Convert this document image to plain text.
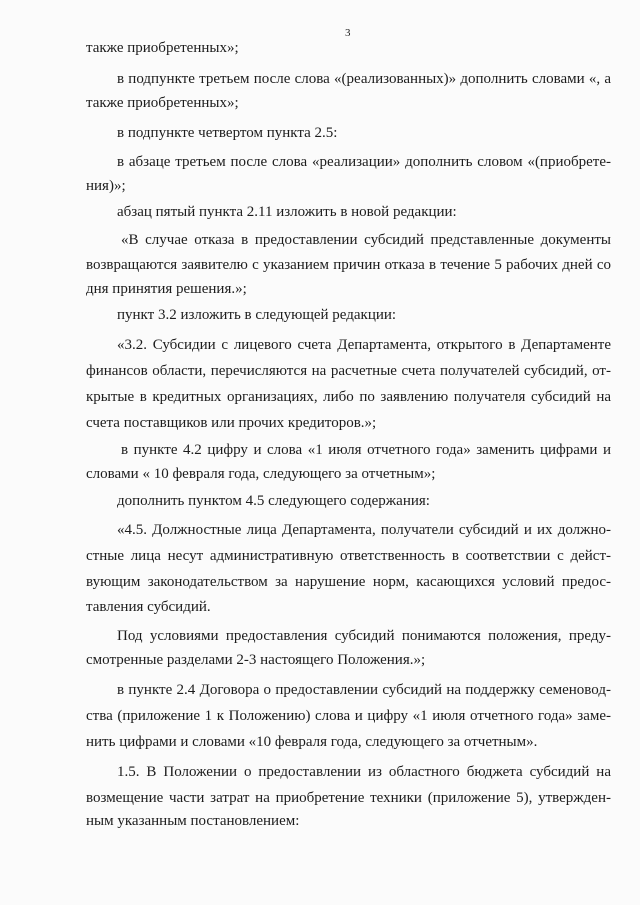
3
также приобретенных»;
в подпункте третьем после слова «(реализованных)» дополнить словами «, а
также приобретенных»;
в подпункте четвертом пункта 2.5:
в абзаце третьем после слова «реализации» дополнить словом «(приобрете-
ния)»;
абзац пятый пункта 2.11 изложить в новой редакции:
«В случае отказа в предоставлении субсидий представленные документы
возвращаются заявителю с указанием причин отказа в течение 5 рабочих дней со
дня принятия решения.»;
пункт 3.2 изложить в следующей редакции:
«3.2. Субсидии с лицевого счета Департамента, открытого в Департаменте
финансов области, перечисляются на расчетные счета получателей субсидий, от-
крытые в кредитных организациях, либо по заявлению получателя субсидий на
счета поставщиков или прочих кредиторов.»;
в пункте 4.2 цифру и слова «1 июля отчетного года» заменить цифрами и
словами « 10 февраля года, следующего за отчетным»;
дополнить пунктом 4.5 следующего содержания:
«4.5. Должностные лица Департамента, получатели субсидий и их должно-
стные лица несут административную ответственность в соответствии с дейст-
вующим законодательством за нарушение норм, касающихся условий предос-
тавления субсидий.
Под условиями предоставления субсидий понимаются положения, преду-
смотренные разделами 2-3 настоящего Положения.»;
в пункте 2.4 Договора о предоставлении субсидий на поддержку семеновод-
ства (приложение 1 к Положению) слова и цифру «1 июля отчетного года» заме-
нить цифрами и словами «10 февраля года, следующего за отчетным».
1.5. В Положении о предоставлении из областного бюджета субсидий на
возмещение части затрат на приобретение техники (приложение 5), утвержден-
ным указанным постановлением:
